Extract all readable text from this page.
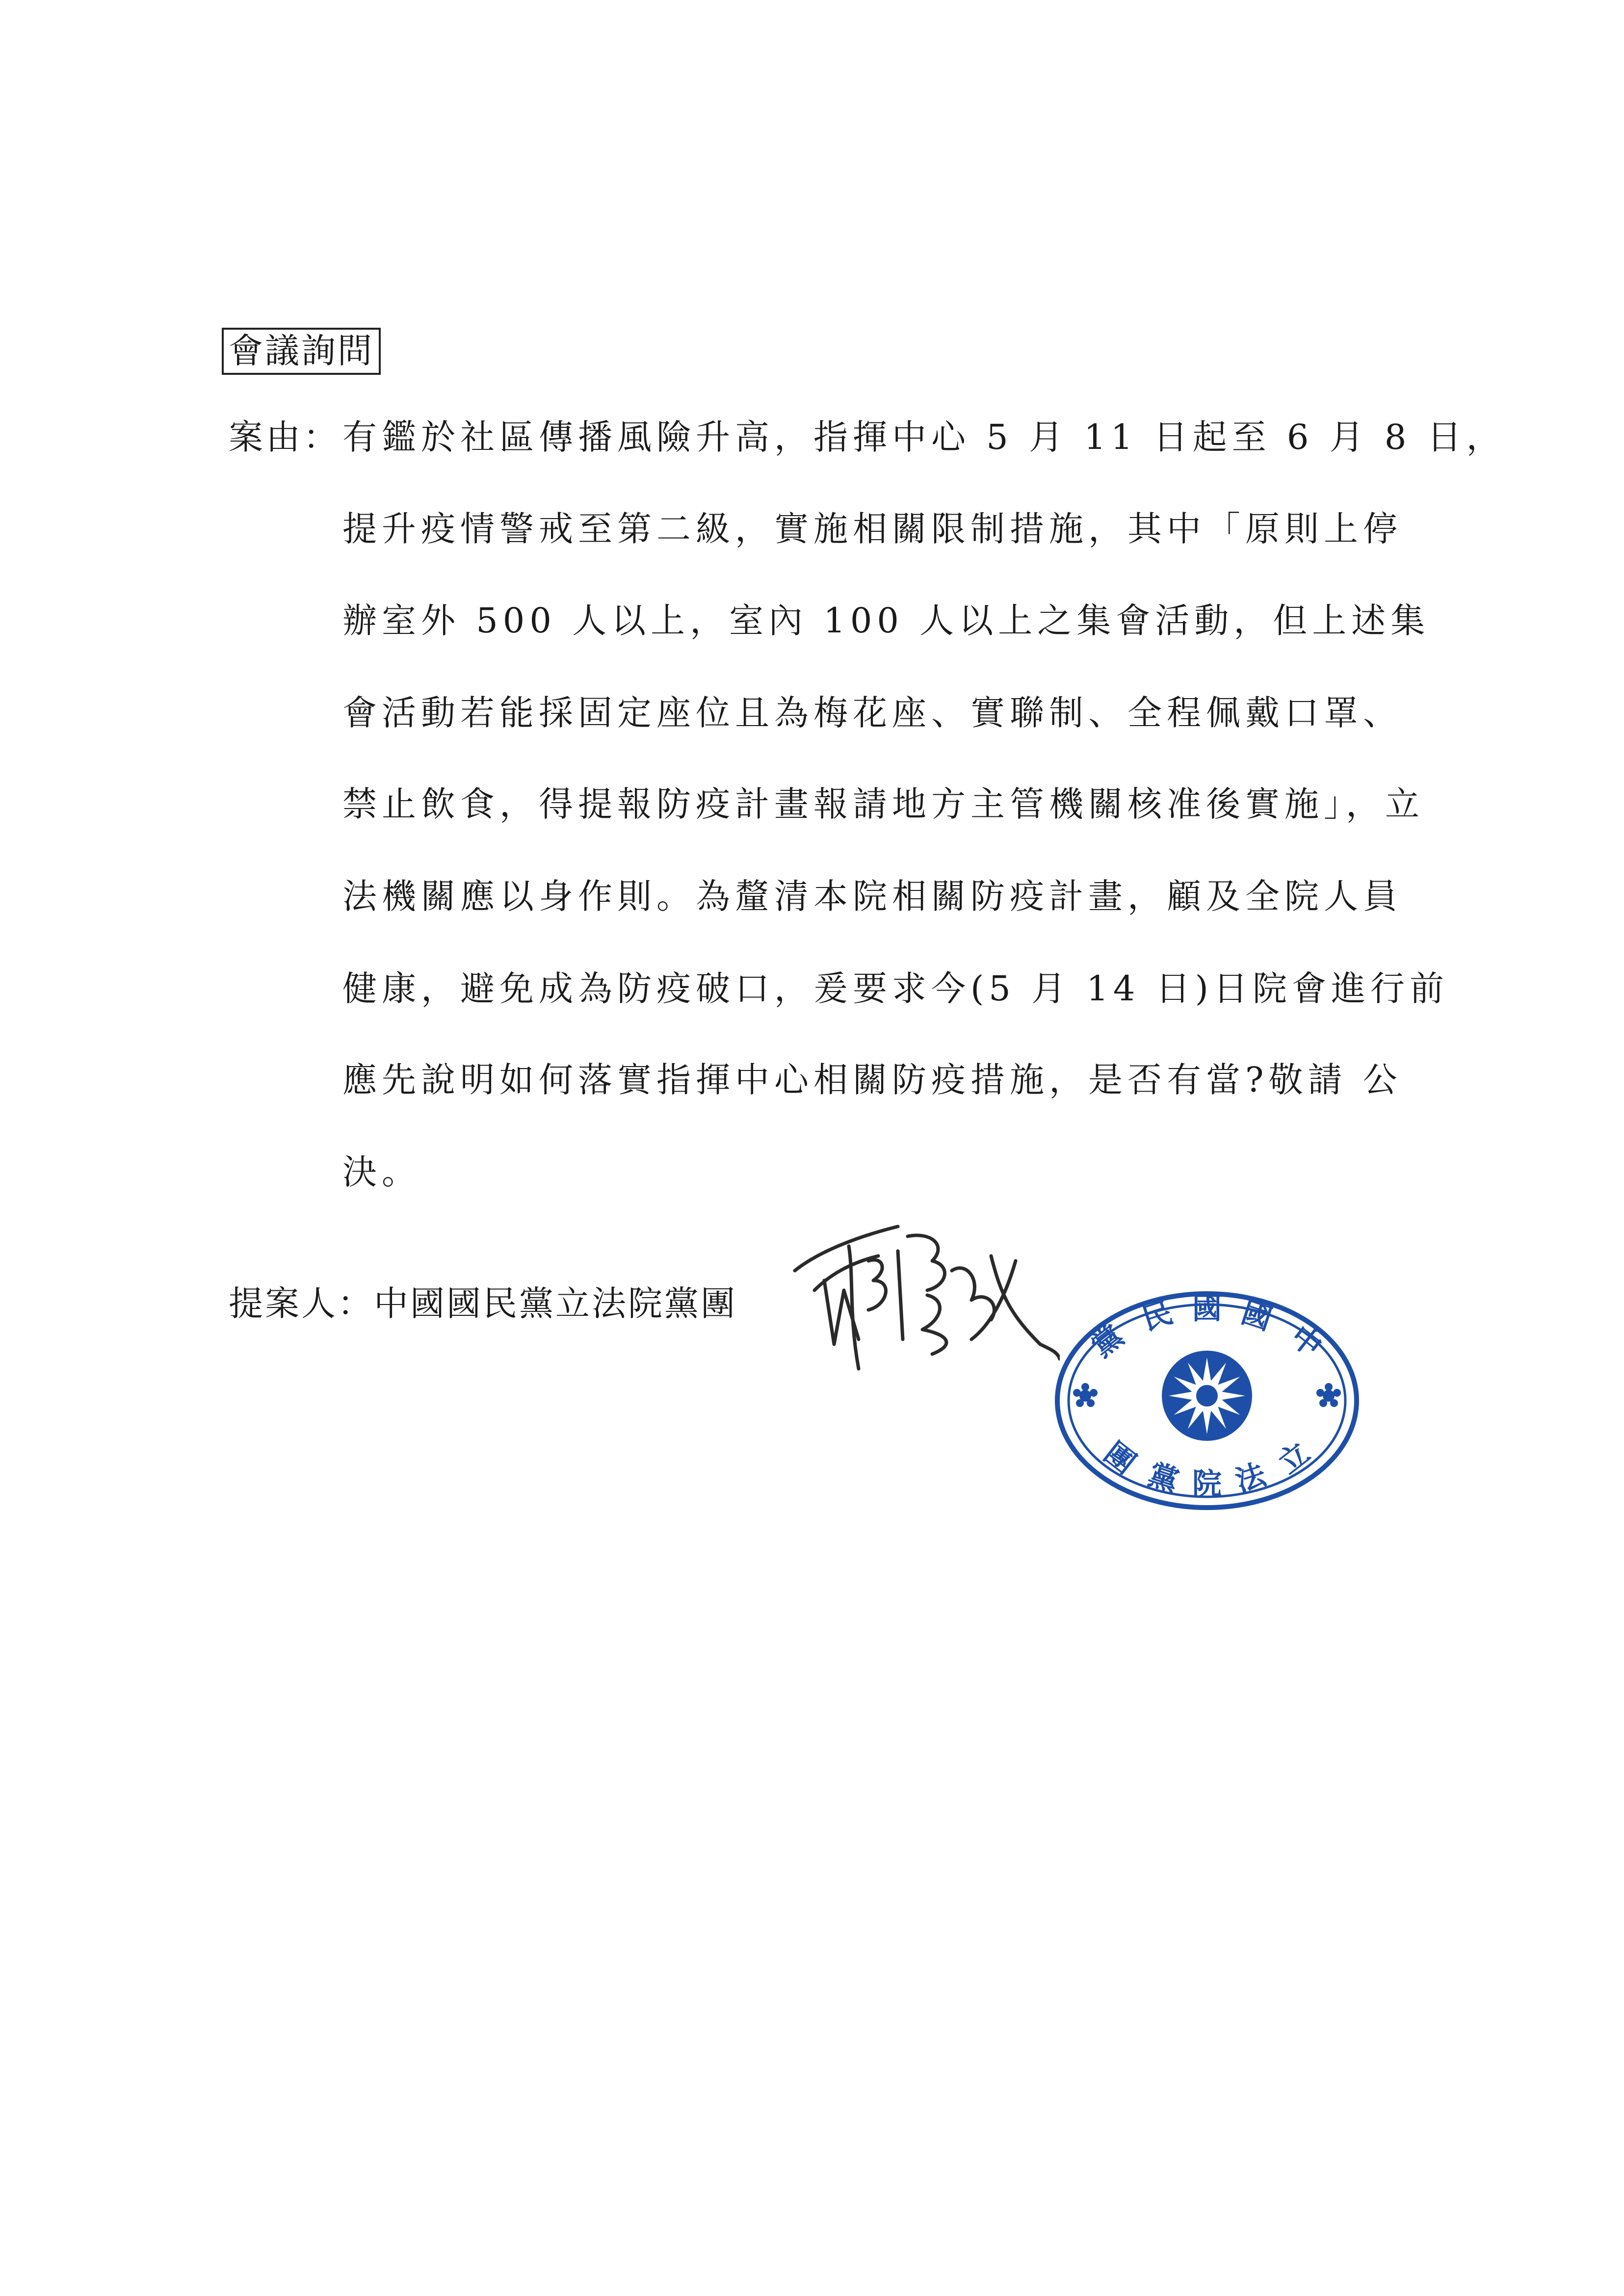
會議詢問
案由： 有鑑於社區傳播風險升高，指揮中心 5 月 11 日起至 6 月 8 日，
提升疫情警戒至第二級，實施相關限制措施，其中「原則上停
辦室外 500 人以上，室內 100 人以上之集會活動，但上述集
會活動若能採固定座位且為梅花座、實聯制、全程佩戴口罩、
禁止飲食，得提報防疫計畫報請地方主管機關核准後實施」，立
法機關應以身作則。為釐清本院相關防疫計畫，顧及全院人員
健康，避免成為防疫破口，爰要求今(5 月 14 日)日院會進行前
應先說明如何落實指揮中心相關防疫措施，是否有當?敬請 公
決。
提案人：中國國民黨立法院黨團
黨
民 國 國
中
團 黨 院 法 立
